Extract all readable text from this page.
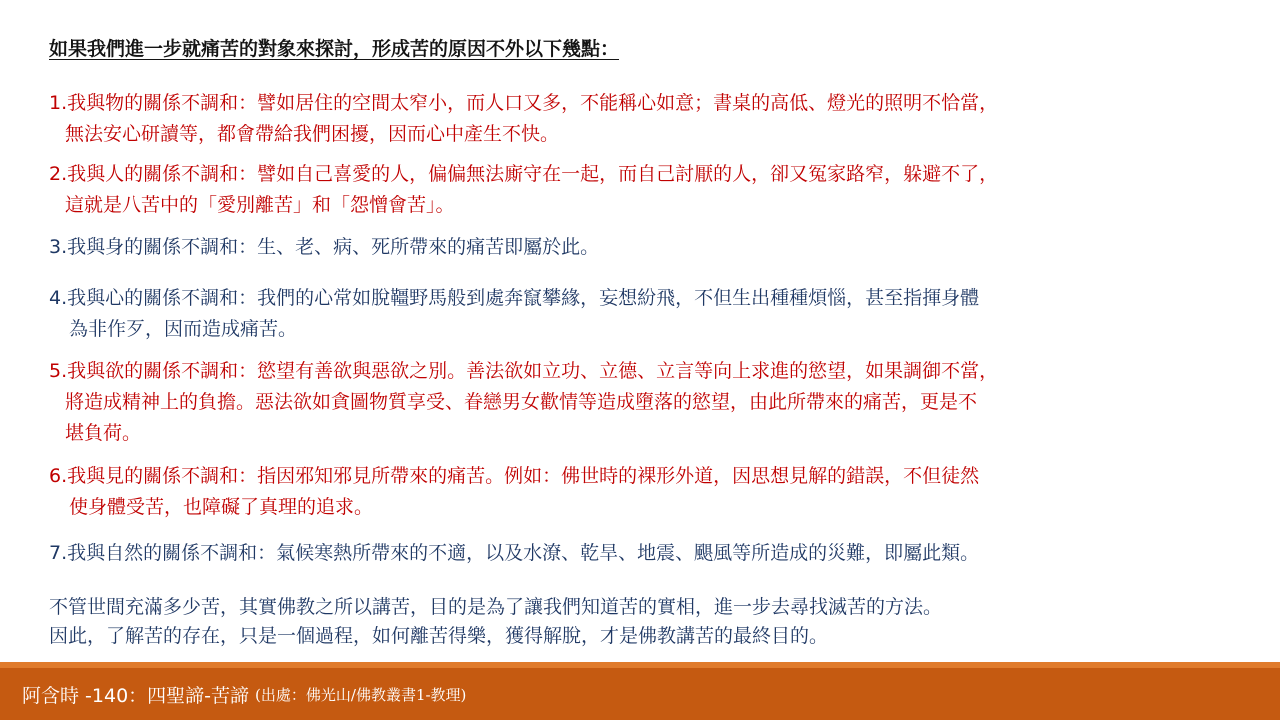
如果我們進一步就痛苦的對象來探討，形成苦的原因不外以下幾點：
1.我與物的關係不調和：譬如居住的空間太窄小，而人口又多，不能稱心如意；書桌的高低、燈光的照明不恰當，
無法安心研讀等，都會帶給我們困擾，因而心中產生不快。
2.我與人的關係不調和：譬如自己喜愛的人，偏偏無法廝守在一起，而自己討厭的人，卻又冤家路窄，躲避不了，
這就是八苦中的「愛別離苦」和「怨憎會苦」。
3.我與身的關係不調和：生、老、病、死所帶來的痛苦即屬於此。
4.我與心的關係不調和：我們的心常如脫韁野馬般到處奔竄攀緣，妄想紛飛，不但生出種種煩惱，甚至指揮身體
為非作歹，因而造成痛苦。
5.我與欲的關係不調和：慾望有善欲與惡欲之別。善法欲如立功、立德、立言等向上求進的慾望，如果調御不當，
將造成精神上的負擔。惡法欲如貪圖物質享受、眷戀男女歡情等造成墮落的慾望，由此所帶來的痛苦，更是不
堪負荷。
6.我與見的關係不調和：指因邪知邪見所帶來的痛苦。例如：佛世時的裸形外道，因思想見解的錯誤，不但徒然
使身體受苦，也障礙了真理的追求。
7.我與自然的關係不調和：氣候寒熱所帶來的不適，以及水潦、乾旱、地震、颶風等所造成的災難，即屬此類。
不管世間充滿多少苦，其實佛教之所以講苦，目的是為了讓我們知道苦的實相，進一步去尋找滅苦的方法。
因此，了解苦的存在，只是一個過程，如何離苦得樂，獲得解脫，才是佛教講苦的最終目的。
阿含時 -140：四聖諦-苦諦 (出處：佛光山/佛教叢書1-教理)
